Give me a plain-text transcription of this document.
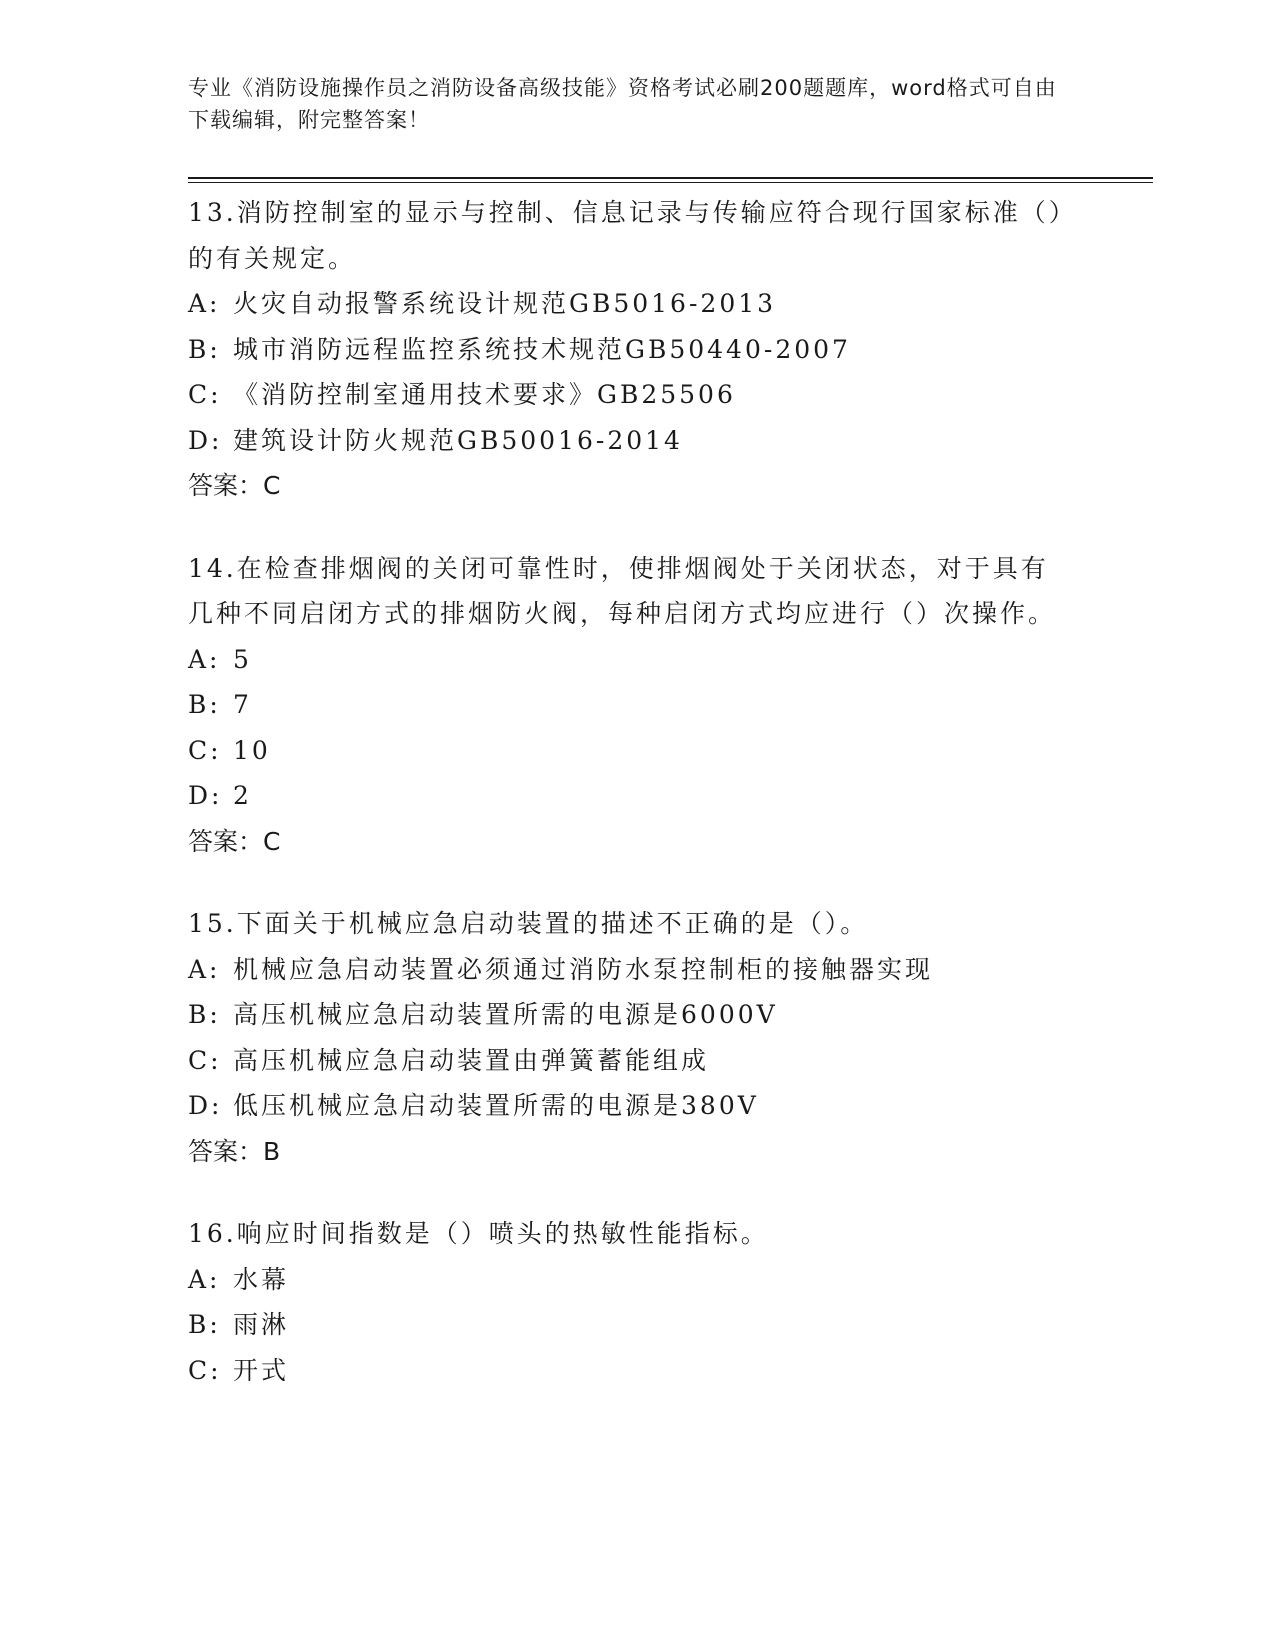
专业《消防设施操作员之消防设备高级技能》资格考试必刷200题题库，word格式可自由下载编辑，附完整答案！

13.消防控制室的显示与控制、信息记录与传输应符合现行国家标准（）的有关规定。

A: 火灾自动报警系统设计规范GB5016-2013

B: 城市消防远程监控系统技术规范GB50440-2007

C: 《消防控制室通用技术要求》GB25506

D: 建筑设计防火规范GB50016-2014

答案：C

14.在检查排烟阀的关闭可靠性时，使排烟阀处于关闭状态，对于具有几种不同启闭方式的排烟防火阀，每种启闭方式均应进行（）次操作。

A: 5

B: 7

C: 10

D: 2

答案：C

15.下面关于机械应急启动装置的描述不正确的是（）。

A: 机械应急启动装置必须通过消防水泵控制柜的接触器实现

B: 高压机械应急启动装置所需的电源是6000V

C: 高压机械应急启动装置由弹簧蓄能组成

D: 低压机械应急启动装置所需的电源是380V

答案：B

16.响应时间指数是（）喷头的热敏性能指标。

A: 水幕

B: 雨淋

C: 开式
